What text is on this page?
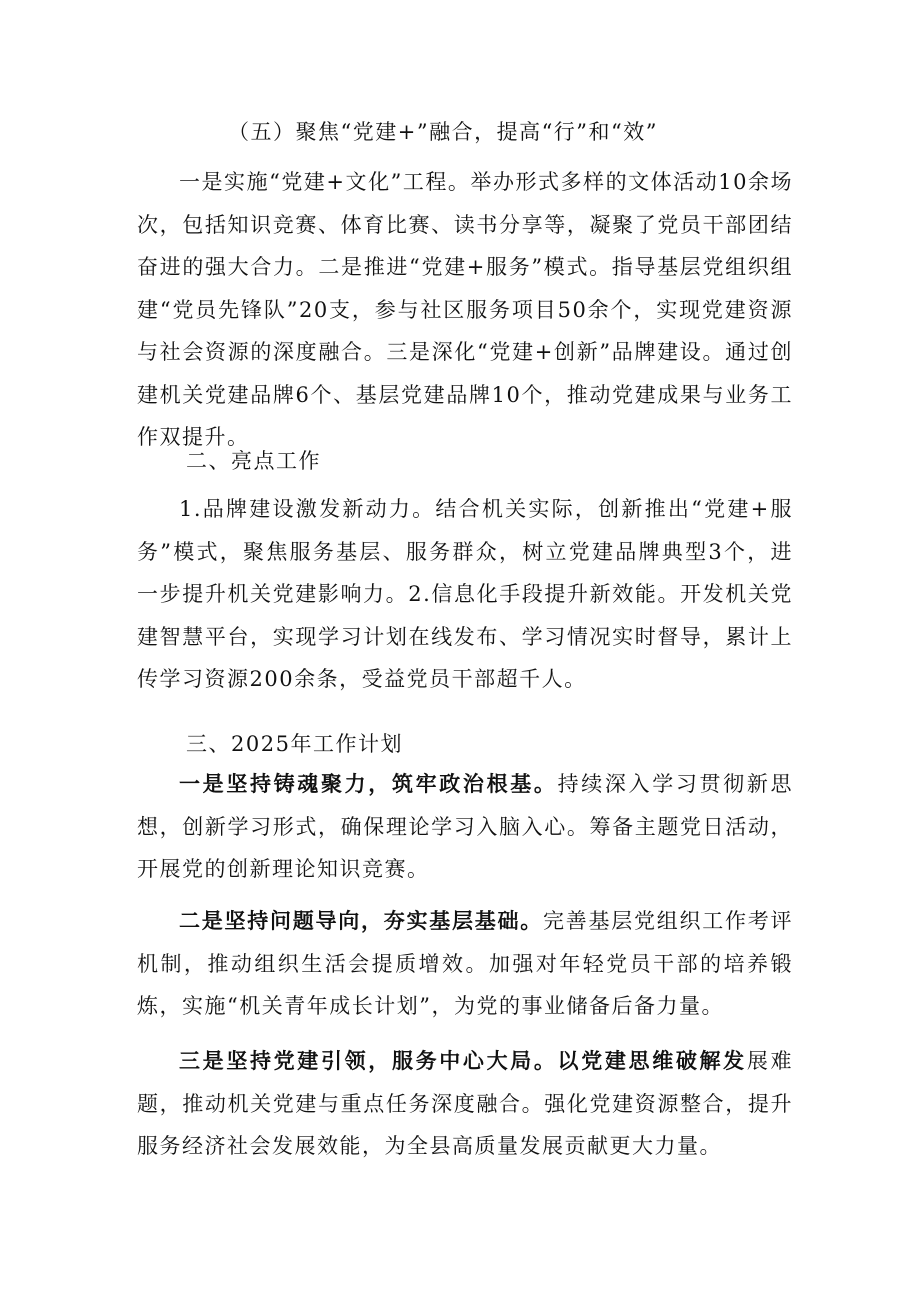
（五）聚焦“党建+”融合，提高“行”和“效”

一是实施“党建+文化”工程。举办形式多样的文体活动10余场次，包括知识竞赛、体育比赛、读书分享等，凝聚了党员干部团结奋进的强大合力。二是推进“党建+服务”模式。指导基层党组织组建“党员先锋队”20支，参与社区服务项目50余个，实现党建资源与社会资源的深度融合。三是深化“党建+创新”品牌建设。通过创建机关党建品牌6个、基层党建品牌10个，推动党建成果与业务工作双提升。

二、亮点工作

1.品牌建设激发新动力。结合机关实际，创新推出“党建+服务”模式，聚焦服务基层、服务群众，树立党建品牌典型3个，进一步提升机关党建影响力。2.信息化手段提升新效能。开发机关党建智慧平台，实现学习计划在线发布、学习情况实时督导，累计上传学习资源200余条，受益党员干部超千人。

三、2025年工作计划

一是坚持铸魂聚力，筑牢政治根基。持续深入学习贯彻新思想，创新学习形式，确保理论学习入脑入心。筹备主题党日活动，开展党的创新理论知识竞赛。

二是坚持问题导向，夯实基层基础。完善基层党组织工作考评机制，推动组织生活会提质增效。加强对年轻党员干部的培养锻炼，实施“机关青年成长计划”，为党的事业储备后备力量。

三是坚持党建引领，服务中心大局。以党建思维破解发展难题，推动机关党建与重点任务深度融合。强化党建资源整合，提升服务经济社会发展效能，为全县高质量发展贡献更大力量。
